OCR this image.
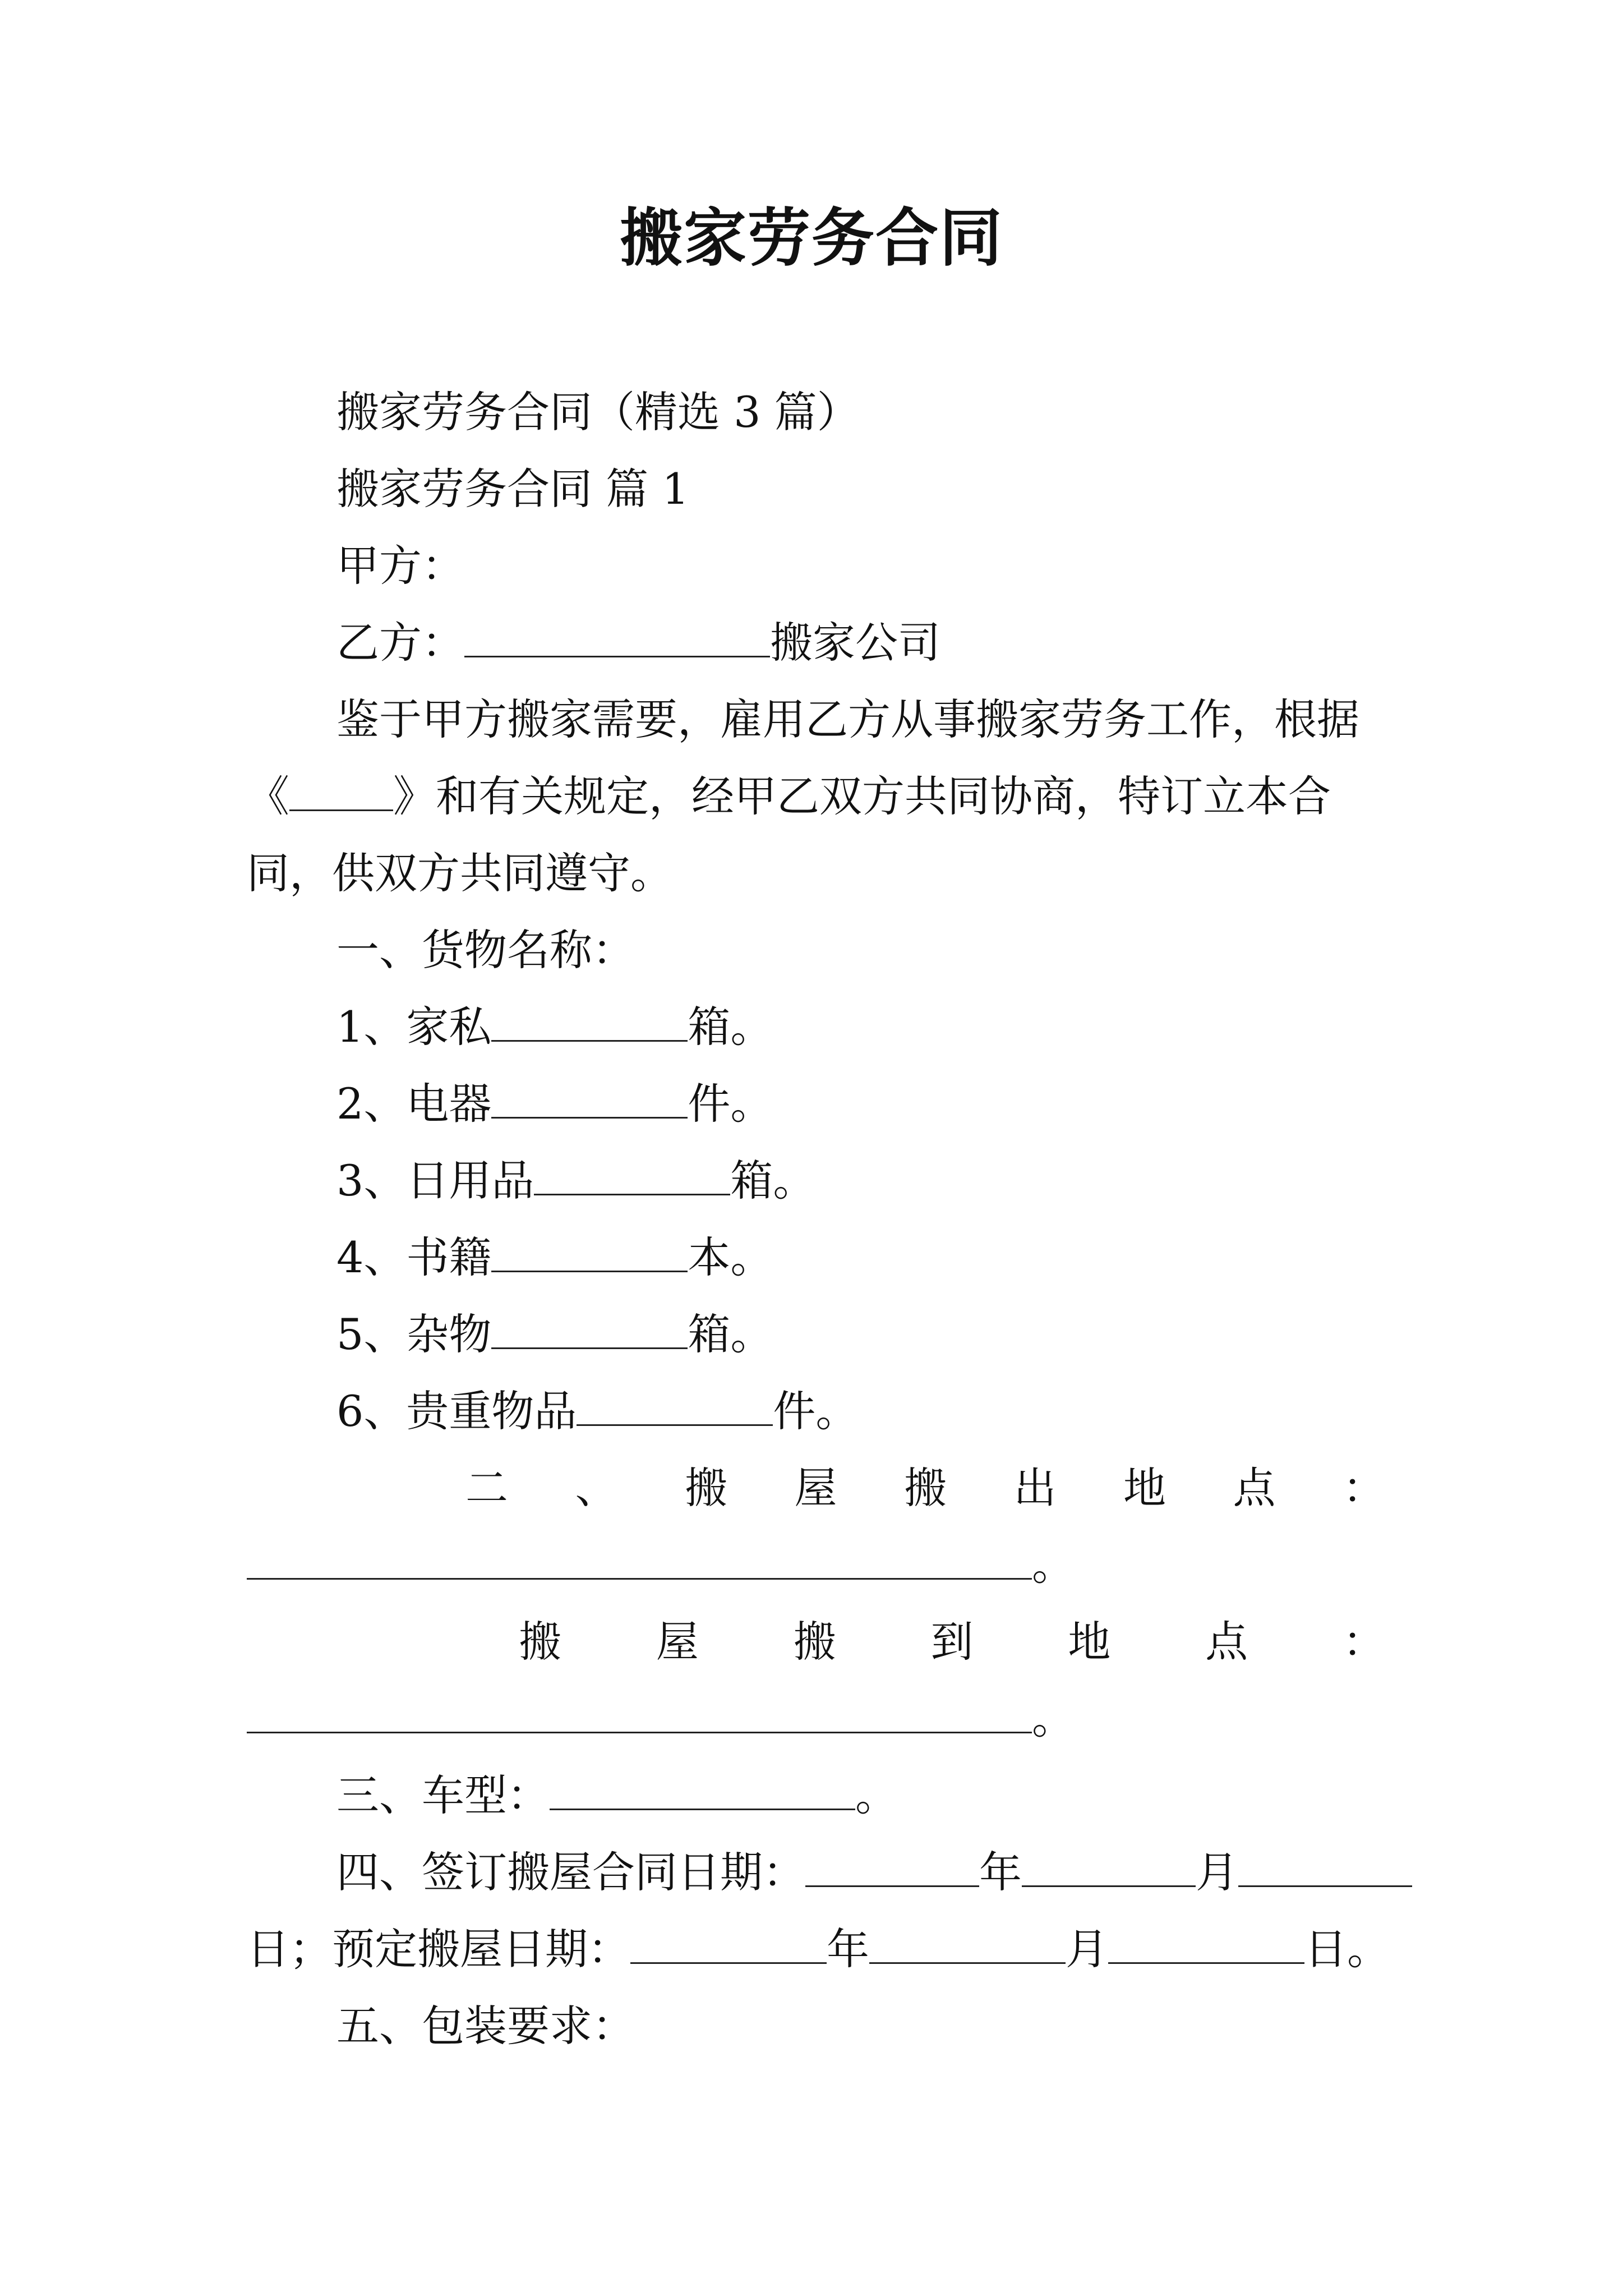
搬家劳务合同
搬家劳务合同（精选 3 篇）
搬家劳务合同 篇 1
甲方：
乙方：	搬家公司
鉴于甲方搬家需要，雇用乙方从事搬家劳务工作，根据
《 》和有关规定，经甲乙双方共同协商，特订立本合
同，供双方共同遵守。
一、货物名称：
1、家私	箱。
2、电器	件。
3、日用品	箱。
4、书籍	本。
5、杂物	箱。
6、贵重物品	件。
二 、 搬 屋 搬 出 地 点 ：
。
搬 屋 搬 到 地 点 ：
。
三、车型：	。
四、签订搬屋合同日期：	年	月
日；预定搬屋日期：	年	月	日。
五、包装要求：
